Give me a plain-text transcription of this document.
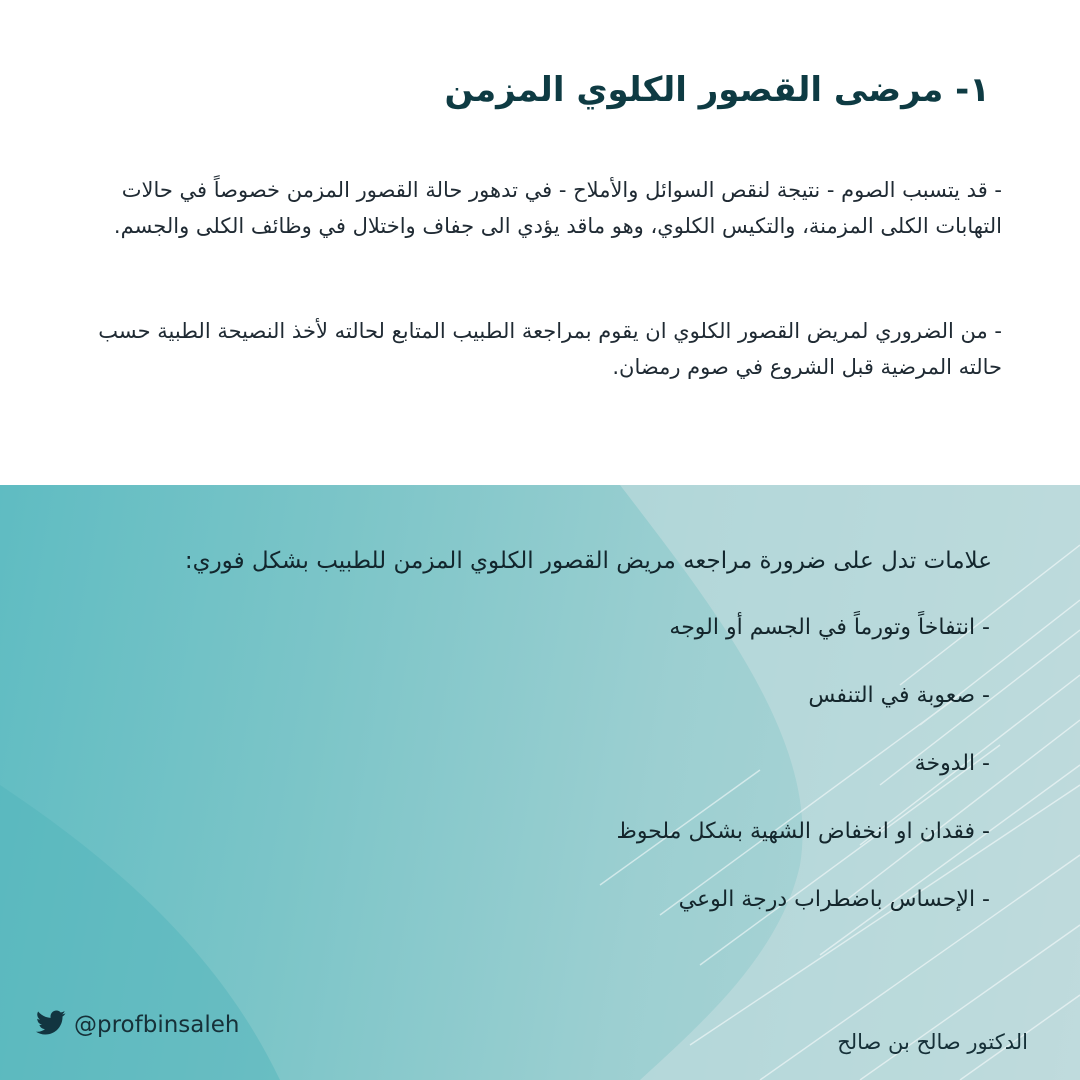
١- مرضى القصور الكلوي المزمن
- قد يتسبب الصوم - نتيجة لنقص السوائل والأملاح - في تدهور حالة القصور المزمن خصوصاً في حالات التهابات الكلى المزمنة، والتكيس الكلوي، وهو ماقد يؤدي الى جفاف واختلال في وظائف الكلى والجسم.
- من الضروري لمريض القصور الكلوي ان يقوم بمراجعة الطبيب المتابع لحالته لأخذ النصيحة الطبية حسب حالته المرضية قبل الشروع في صوم رمضان.
علامات تدل على ضرورة مراجعه مريض القصور الكلوي المزمن للطبيب بشكل فوري:
- انتفاخاً وتورماً في الجسم أو الوجه
- صعوبة في التنفس
- الدوخة
- فقدان او انخفاض الشهية بشكل ملحوظ
- الإحساس باضطراب درجة الوعي
@profbinsaleh
الدكتور صالح بن صالح
